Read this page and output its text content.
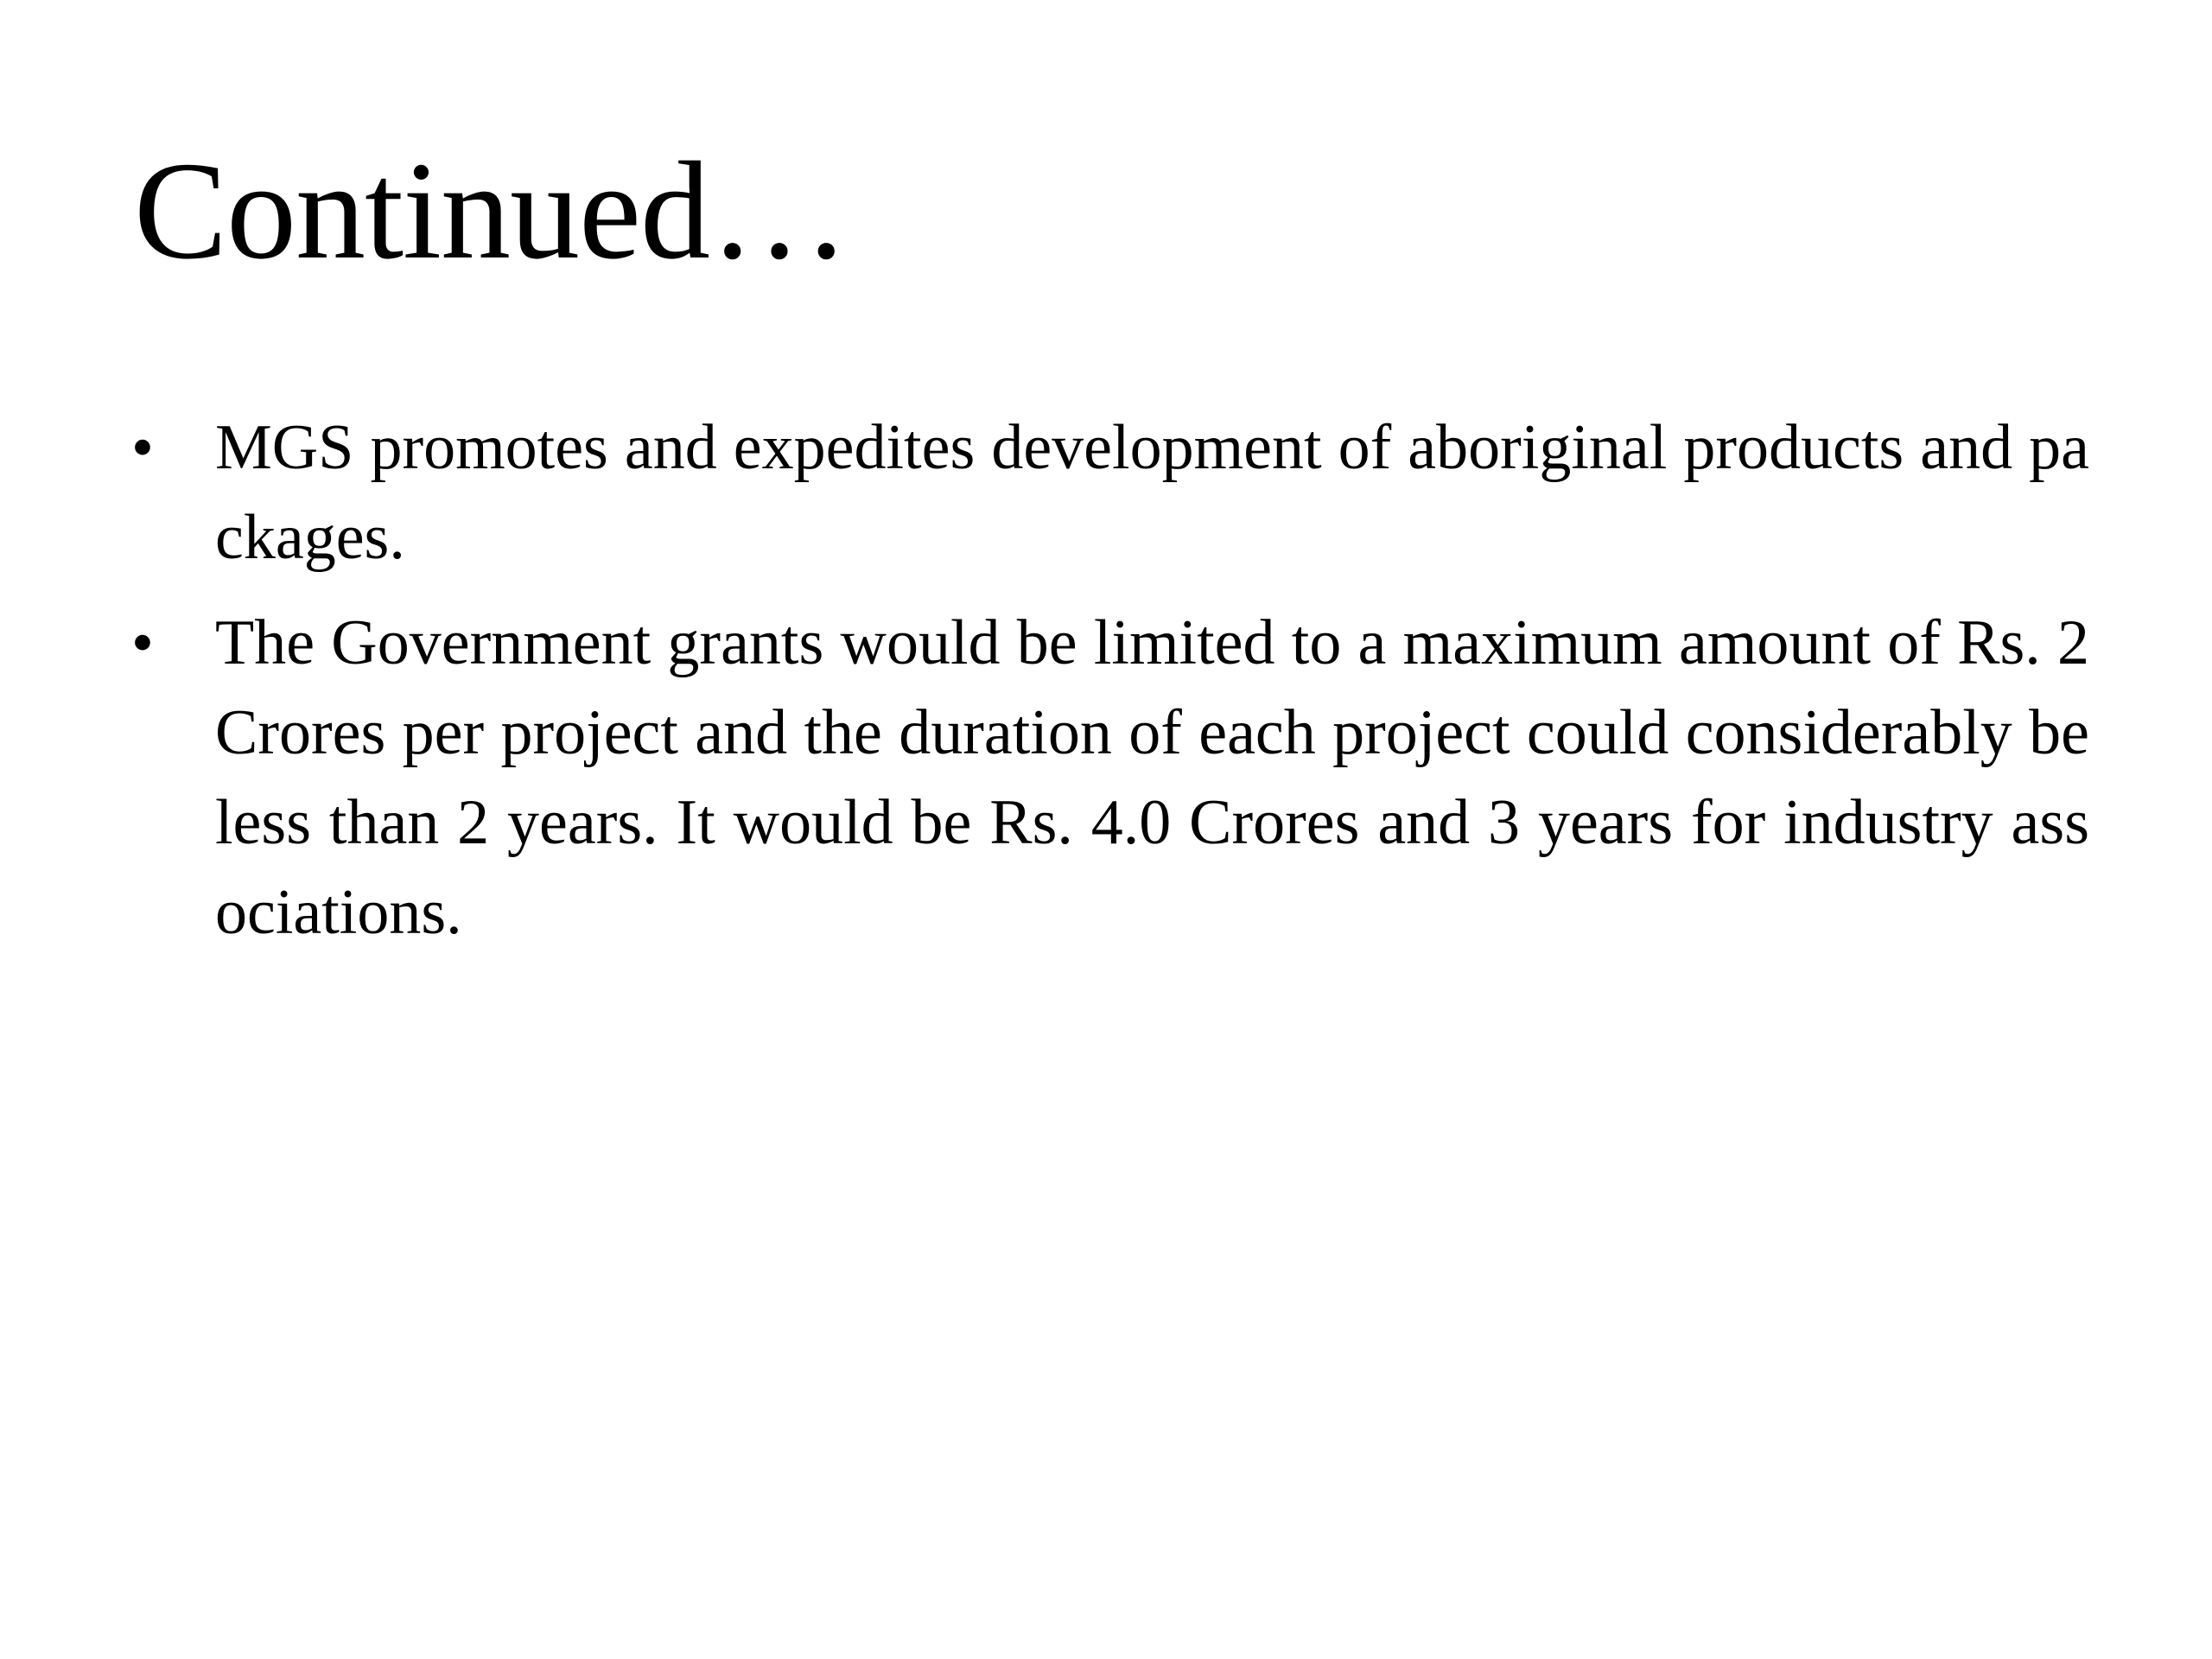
Continued…
• MGS promotes and expedites development of aboriginal products and packages.
• The Government grants would be limited to a maximum amount of Rs. 2 Crores per project and the duration of each project could considerably be less than 2 years. It would be Rs. 4.0 Crores and 3 years for industry associations.
